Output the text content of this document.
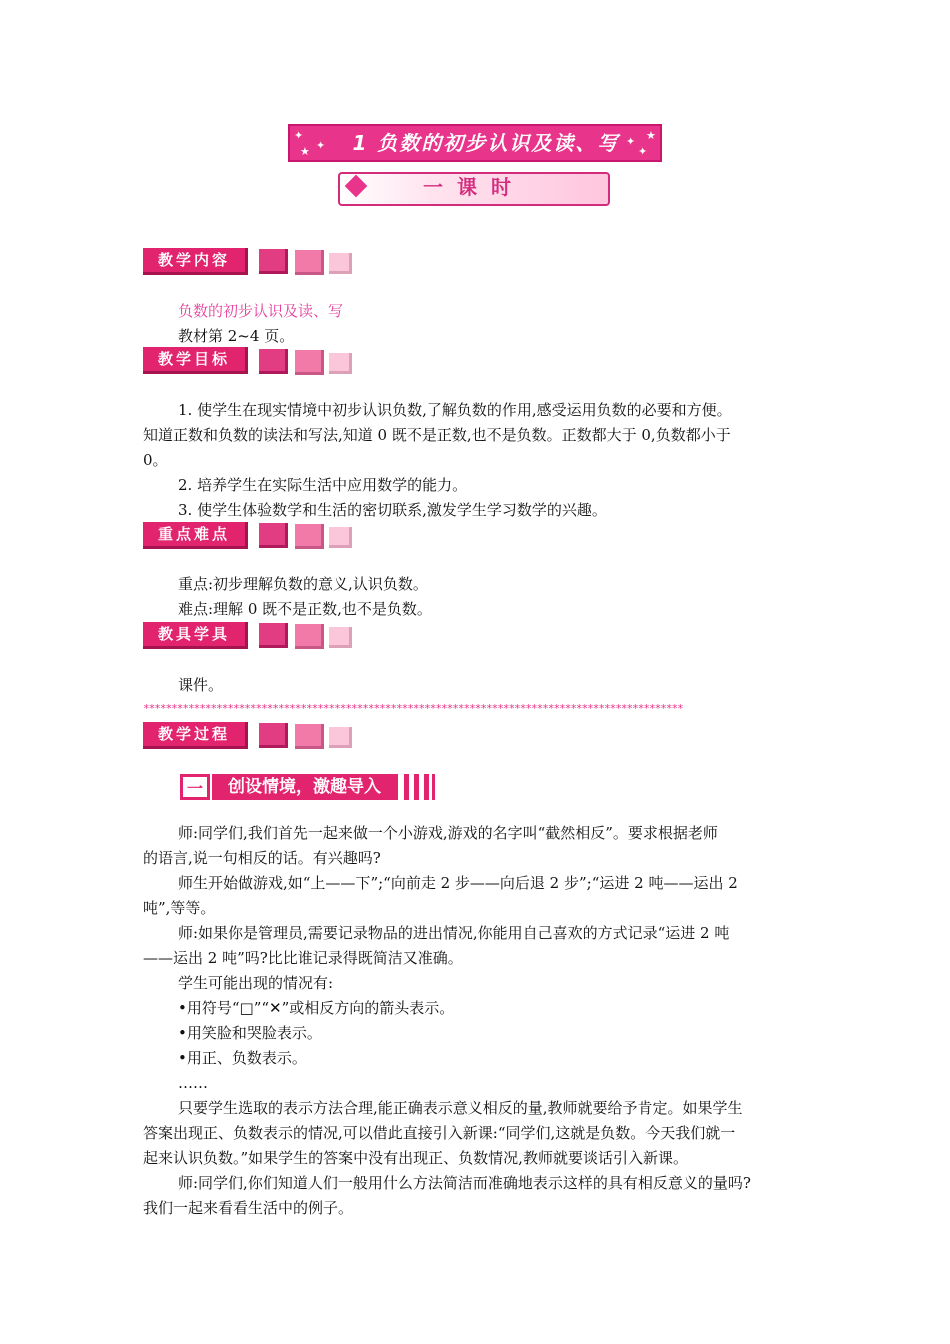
✦
★ ✦
★
✦
✦
1 负数的初步认识及读、写
一课时
教学内容
负数的初步认识及读、写
教材第 2~4 页。
教学目标
1. 使学生在现实情境中初步认识负数,了解负数的作用,感受运用负数的必要和方便。
知道正数和负数的读法和写法,知道 0 既不是正数,也不是负数。正数都大于 0,负数都小于
0。
2. 培养学生在实际生活中应用数学的能力。
3. 使学生体验数学和生活的密切联系,激发学生学习数学的兴趣。
重点难点
重点:初步理解负数的意义,认识负数。
难点:理解 0 既不是正数,也不是负数。
教具学具
课件。
************************************************************************************************
教学过程
一	创设情境，激趣导入
师:同学们,我们首先一起来做一个小游戏,游戏的名字叫“截然相反”。要求根据老师
的语言,说一句相反的话。有兴趣吗?
师生开始做游戏,如“上——下”;“向前走 2 步——向后退 2 步”;“运进 2 吨——运出 2
吨”,等等。
师:如果你是管理员,需要记录物品的进出情况,你能用自己喜欢的方式记录“运进 2 吨
——运出 2 吨”吗?比比谁记录得既简洁又准确。
学生可能出现的情况有:
•用符号“□”“✕”或相反方向的箭头表示。
•用笑脸和哭脸表示。
•用正、负数表示。
……
只要学生选取的表示方法合理,能正确表示意义相反的量,教师就要给予肯定。如果学生
答案出现正、负数表示的情况,可以借此直接引入新课:“同学们,这就是负数。今天我们就一
起来认识负数。”如果学生的答案中没有出现正、负数情况,教师就要谈话引入新课。
师:同学们,你们知道人们一般用什么方法简洁而准确地表示这样的具有相反意义的量吗?
我们一起来看看生活中的例子。
